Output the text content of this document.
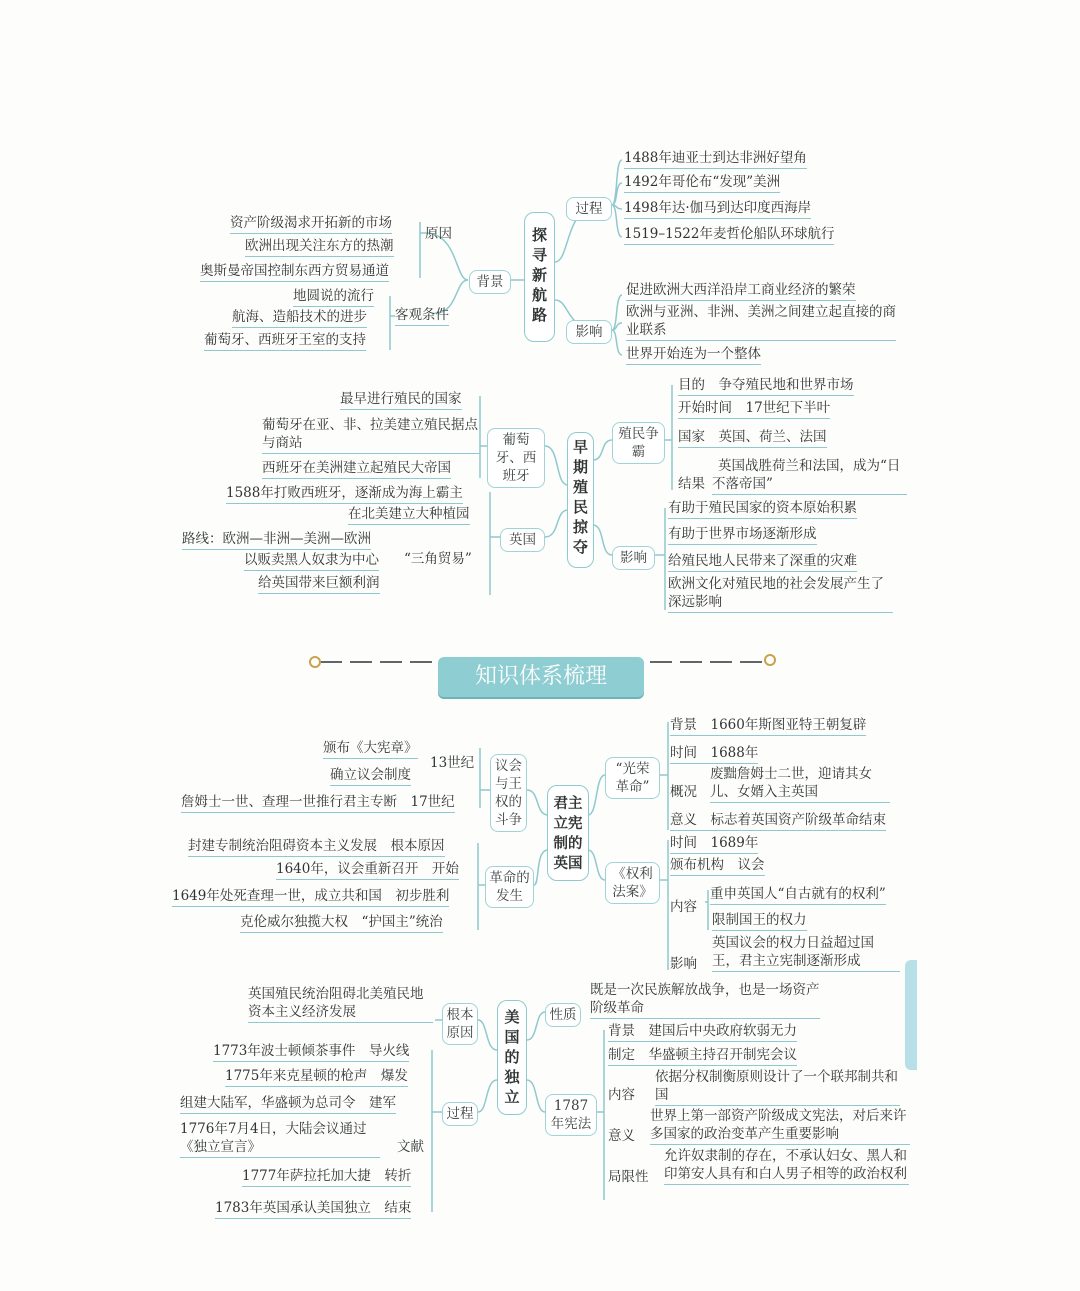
探
寻
新
航
路
背景
过程
影响
原因
客观条件
1488年迪亚士到达非洲好望角
1492年哥伦布“发现”美洲
1498年达·伽马到达印度西海岸
1519–1522年麦哲伦船队环球航行
促进欧洲大西洋沿岸工商业经济的繁荣
欧洲与亚洲、非洲、美洲之间建立起直接的商业联系
世界开始连为一个整体
资产阶级渴求开拓新的市场
欧洲出现关注东方的热潮
奥斯曼帝国控制东西方贸易通道
地圆说的流行
航海、造船技术的进步
葡萄牙、西班牙王室的支持
早
期
殖
民
掠
夺
葡萄牙、西班牙
英国
殖民争霸
影响
最早进行殖民的国家
葡萄牙在亚、非、拉美建立殖民据点与商站
西班牙在美洲建立起殖民大帝国
1588年打败西班牙，逐渐成为海上霸主
在北美建立大种植园
“三角贸易”
路线：欧洲—非洲—美洲—欧洲
以贩卖黑人奴隶为中心
给英国带来巨额利润
目的　争夺殖民地和世界市场
开始时间　17世纪下半叶
国家　英国、荷兰、法国
结果
英国战胜荷兰和法国，成为“日不落帝国”
有助于殖民国家的资本原始积累
有助于世界市场逐渐形成
给殖民地人民带来了深重的灾难
欧洲文化对殖民地的社会发展产生了深远影响
知识体系梳理
君主
立宪
制的
英国
议会与王权的斗争
革命的发生
“光荣革命”
《权利法案》
颁布《大宪章》
13世纪
确立议会制度
詹姆士一世、查理一世推行君主专断　17世纪
封建专制统治阻碍资本主义发展　根本原因
1640年，议会重新召开　开始
1649年处死查理一世，成立共和国　初步胜利
克伦威尔独揽大权　“护国主”统治
背景　1660年斯图亚特王朝复辟
时间　1688年
概况
废黜詹姆士二世，迎请其女儿、女婿入主英国
意义　标志着英国资产阶级革命结束
时间　1689年
颁布机构　议会
内容
重申英国人“自古就有的权利”
限制国王的权力
影响
英国议会的权力日益超过国王，君主立宪制逐渐形成
美
国
的
独
立
根本原因
过程
性质
1787年宪法
英国殖民统治阻碍北美殖民地资本主义经济发展
1773年波士顿倾茶事件　导火线
1775年来克星顿的枪声　爆发
组建大陆军，华盛顿为总司令　建军
1776年7月4日，大陆会议通过《独立宣言》	文献
1777年萨拉托加大捷　转折
1783年英国承认美国独立　结束
既是一次民族解放战争，也是一场资产阶级革命
背景　建国后中央政府软弱无力
制定　华盛顿主持召开制宪会议
内容
依据分权制衡原则设计了一个联邦制共和国
意义
世界上第一部资产阶级成文宪法，对后来许多国家的政治变革产生重要影响
局限性
允许奴隶制的存在，不承认妇女、黑人和印第安人具有和白人男子相等的政治权利
